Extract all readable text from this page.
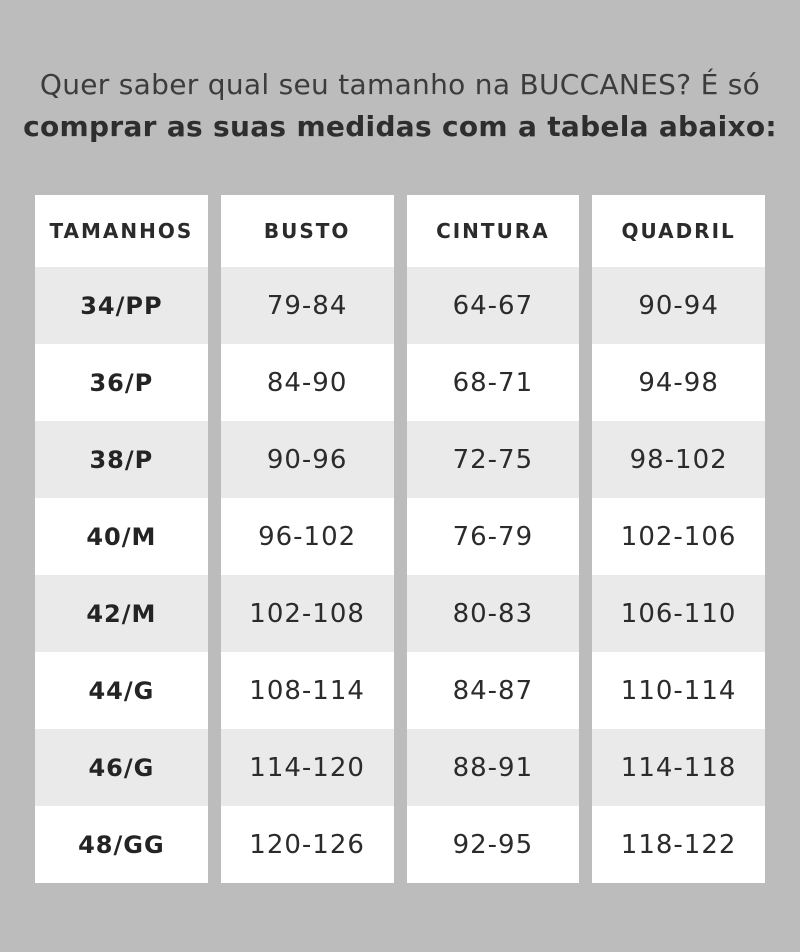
Quer saber qual seu tamanho na BUCCANES? É só
comprar as suas medidas com a tabela abaixo:
TAMANHOS	BUSTO	CINTURA	QUADRIL
34/PP	79-84	64-67	90-94
36/P	84-90	68-71	94-98
38/P	90-96	72-75	98-102
40/M	96-102	76-79	102-106
42/M	102-108	80-83	106-110
44/G	108-114	84-87	110-114
46/G	114-120	88-91	114-118
48/GG	120-126	92-95	118-122
